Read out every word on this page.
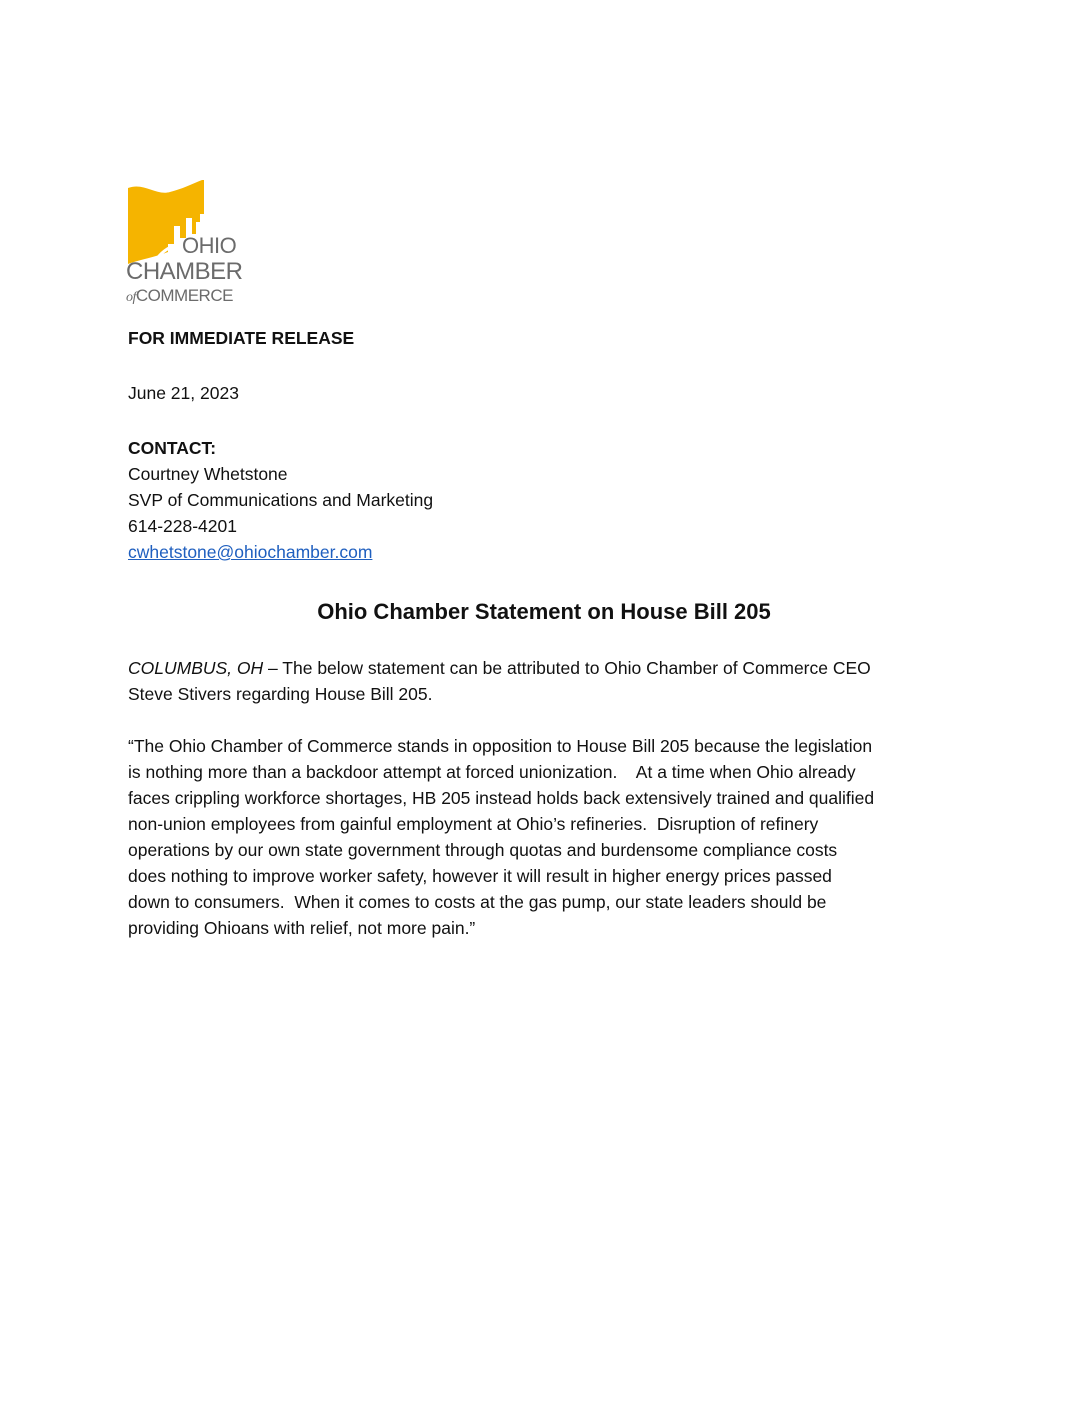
OHIO
CHAMBER
ofCOMMERCE
FOR IMMEDIATE RELEASE
June 21, 2023
CONTACT:
Courtney Whetstone
SVP of Communications and Marketing
614-228-4201
cwhetstone@ohiochamber.com
Ohio Chamber Statement on House Bill 205
COLUMBUS, OH – The below statement can be attributed to Ohio Chamber of Commerce CEO
Steve Stivers regarding House Bill 205.
“The Ohio Chamber of Commerce stands in opposition to House Bill 205 because the legislation
is nothing more than a backdoor attempt at forced unionization.    At a time when Ohio already
faces crippling workforce shortages, HB 205 instead holds back extensively trained and qualified
non-union employees from gainful employment at Ohio’s refineries.  Disruption of refinery
operations by our own state government through quotas and burdensome compliance costs
does nothing to improve worker safety, however it will result in higher energy prices passed
down to consumers.  When it comes to costs at the gas pump, our state leaders should be
providing Ohioans with relief, not more pain.”
